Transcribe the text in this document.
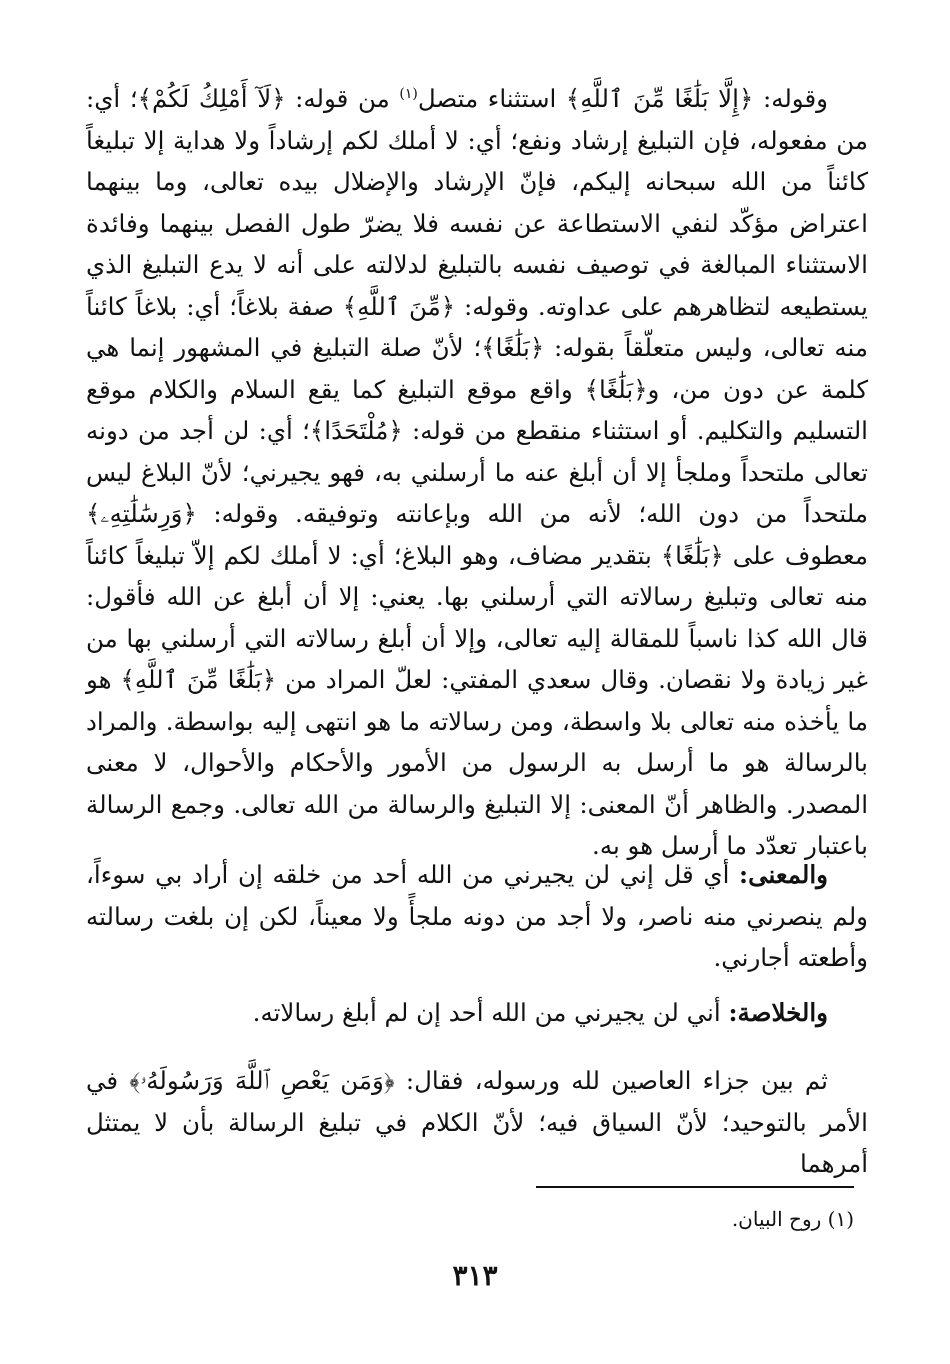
وقوله: ﴿إِلَّا بَلَٰغًا مِّنَ ٱللَّهِ﴾ استثناء متصل$^{(١)}$ من قوله: ﴿لَآ أَمْلِكُ لَكُمْ﴾؛ أي: من مفعوله، فإن التبليغ إرشاد ونفع؛ أي: لا أملك لكم إرشاداً ولا هداية إلا تبليغاً كائناً من الله سبحانه إليكم، فإنّ الإرشاد والإضلال بيده تعالى، وما بينهما اعتراض مؤكّد لنفي الاستطاعة عن نفسه فلا يضرّ طول الفصل بينهما وفائدة الاستثناء المبالغة في توصيف نفسه بالتبليغ لدلالته على أنه لا يدع التبليغ الذي يستطيعه لتظاهرهم على عداوته. وقوله: ﴿مِّنَ ٱللَّهِ﴾ صفة بلاغاً؛ أي: بلاغاً كائناً منه تعالى، وليس متعلّقاً بقوله: ﴿بَلَٰغًا﴾؛ لأنّ صلة التبليغ في المشهور إنما هي كلمة عن دون من، و﴿بَلَٰغًا﴾ واقع موقع التبليغ كما يقع السلام والكلام موقع التسليم والتكليم. أو استثناء منقطع من قوله: ﴿مُلْتَحَدًا﴾؛ أي: لن أجد من دونه تعالى ملتحداً وملجأ إلا أن أبلغ عنه ما أرسلني به، فهو يجيرني؛ لأنّ البلاغ ليس ملتحداً من دون الله؛ لأنه من الله وبإعانته وتوفيقه. وقوله: ﴿وَرِسَٰلَٰتِهِۦ﴾ معطوف على ﴿بَلَٰغًا﴾ بتقدير مضاف، وهو البلاغ؛ أي: لا أملك لكم إلاّ تبليغاً كائناً منه تعالى وتبليغ رسالاته التي أرسلني بها. يعني: إلا أن أبلغ عن الله فأقول: قال الله كذا ناسباً للمقالة إليه تعالى، وإلا أن أبلغ رسالاته التي أرسلني بها من غير زيادة ولا نقصان. وقال سعدي المفتي: لعلّ المراد من ﴿بَلَٰغًا مِّنَ ٱللَّهِ﴾ هو ما يأخذه منه تعالى بلا واسطة، ومن رسالاته ما هو انتهى إليه بواسطة. والمراد بالرسالة هو ما أرسل به الرسول من الأمور والأحكام والأحوال، لا معنى المصدر. والظاهر أنّ المعنى: إلا التبليغ والرسالة من الله تعالى. وجمع الرسالة باعتبار تعدّد ما أرسل هو به.

والمعنى: أي قل إني لن يجيرني من الله أحد من خلقه إن أراد بي سوءاً، ولم ينصرني منه ناصر، ولا أجد من دونه ملجأً ولا معيناً، لكن إن بلغت رسالته وأطعته أجارني.

والخلاصة: أني لن يجيرني من الله أحد إن لم أبلغ رسالاته.

ثم بين جزاء العاصين لله ورسوله، فقال: ﴿وَمَن يَعْصِ ٱللَّهَ وَرَسُولَهُۥ﴾ في الأمر بالتوحيد؛ لأنّ السياق فيه؛ لأنّ الكلام في تبليغ الرسالة بأن لا يمتثل أمرهما

(١) روح البيان.
٣١٣
